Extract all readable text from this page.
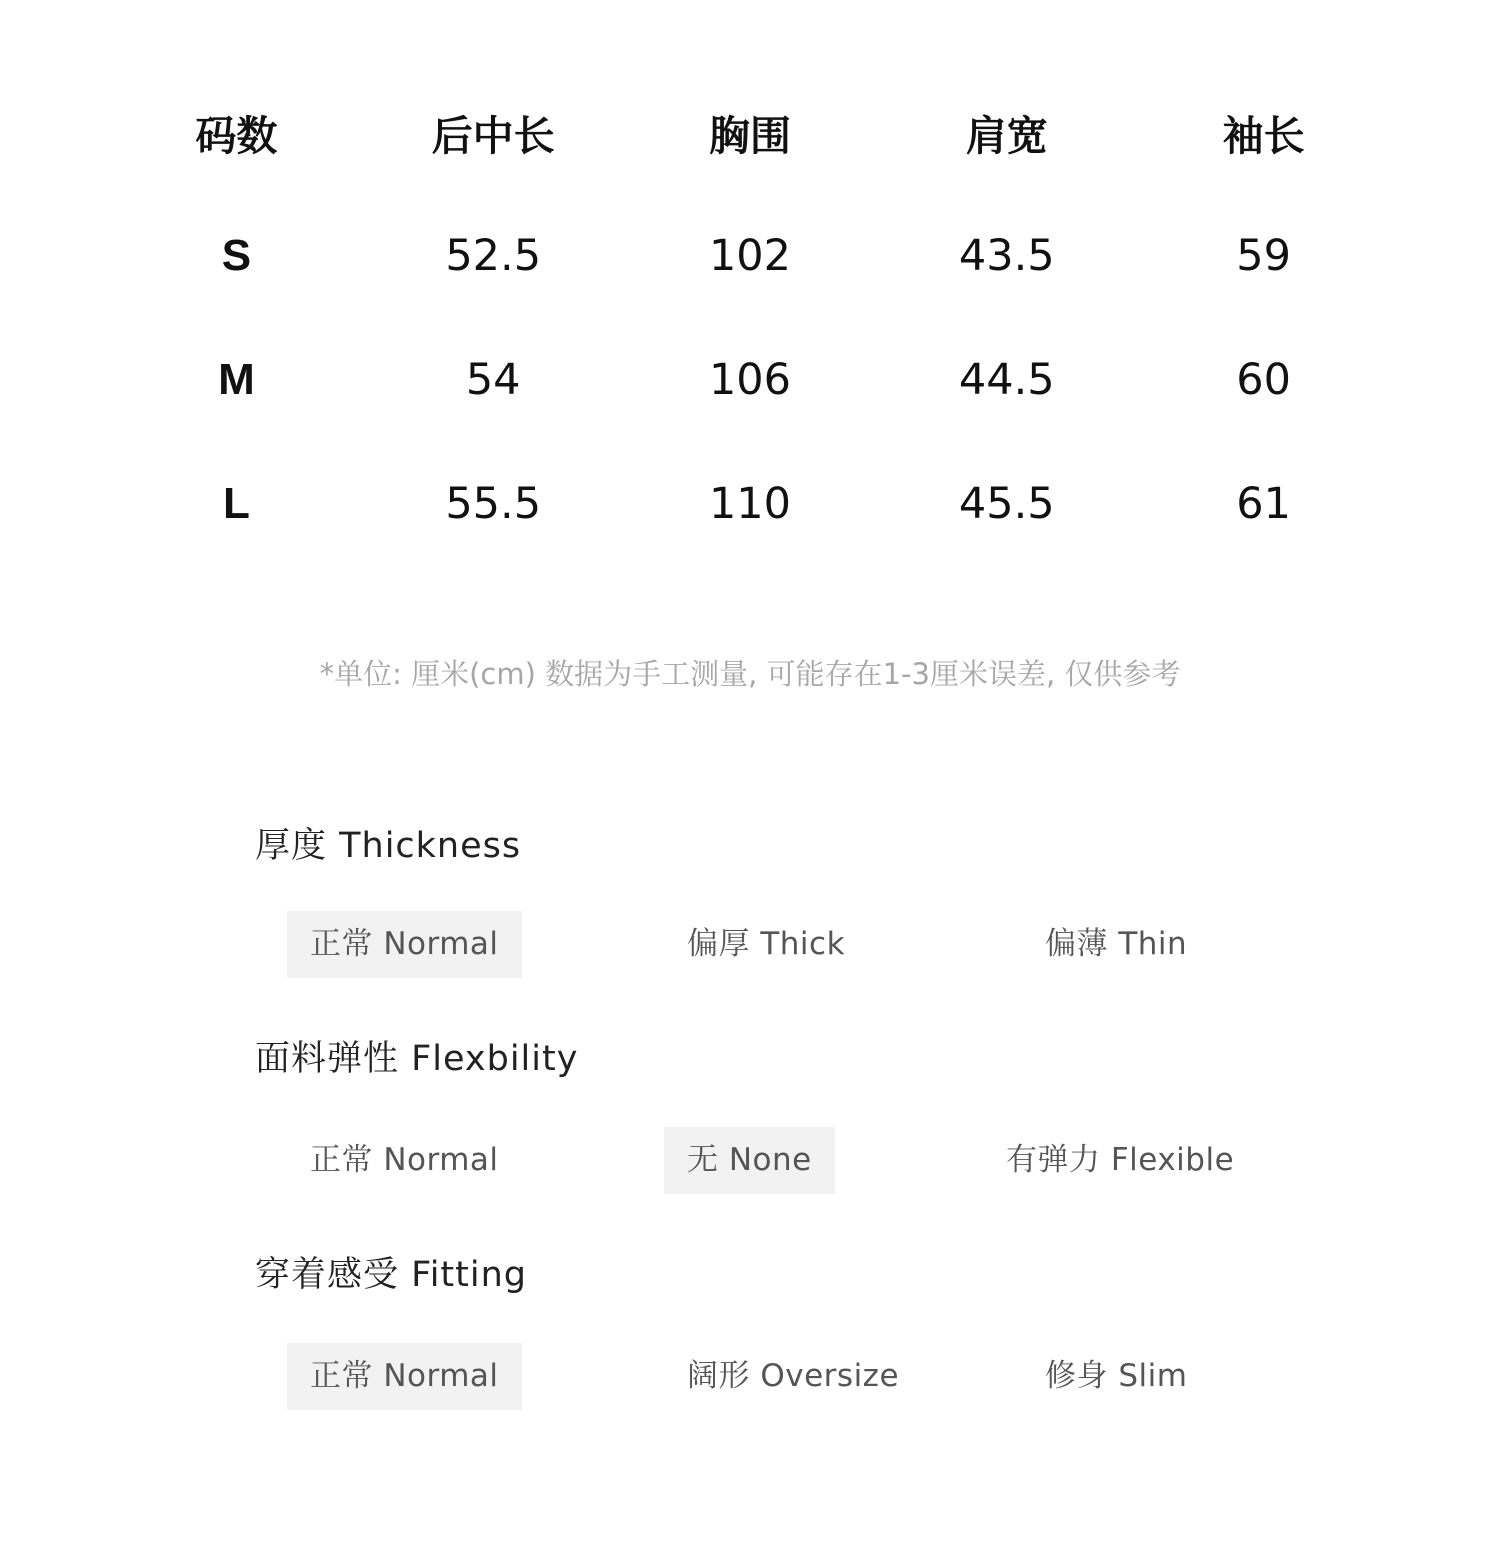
码数	后中长	胸围	肩宽	袖长
S	52.5	102	43.5	59
M	54	106	44.5	60
L	55.5	110	45.5	61
*单位: 厘米(cm) 数据为手工测量, 可能存在1-3厘米误差, 仅供参考
厚度 Thickness
正常 Normal	偏厚 Thick	偏薄 Thin
面料弹性 Flexbility
正常 Normal	无 None	有弹力 Flexible
穿着感受 Fitting
正常 Normal	阔形 Oversize	修身 Slim
